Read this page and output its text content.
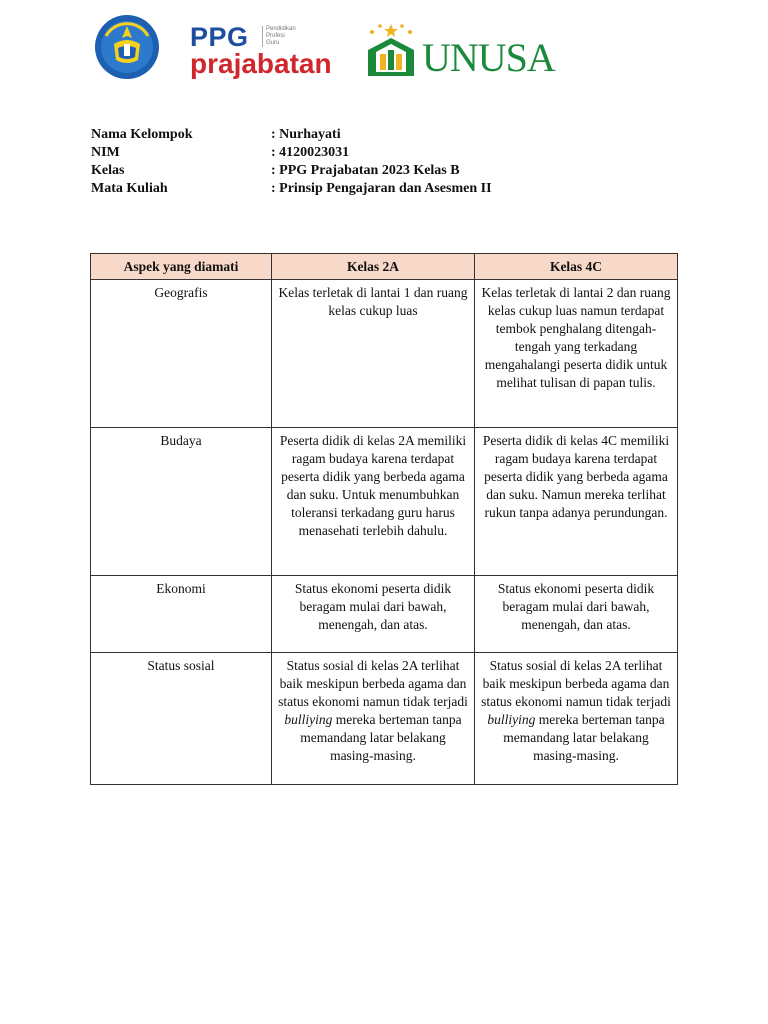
PPG	Pendidikan
Profesi
Guru
prajabatan UNUSA
Nama Kelompok	: Nurhayati
NIM	: 4120023031
Kelas	: PPG Prajabatan 2023 Kelas B
Mata Kuliah	: Prinsip Pengajaran dan Asesmen II
Aspek yang diamati	Kelas 2A	Kelas 4C
Geografis	Kelas terletak di lantai 1 dan ruang kelas cukup luas	Kelas terletak di lantai 2 dan ruang kelas cukup luas namun terdapat tembok penghalang ditengah-tengah yang terkadang mengahalangi peserta didik untuk melihat tulisan di papan tulis.
Budaya	Peserta didik di kelas 2A memiliki ragam budaya karena terdapat peserta didik yang berbeda agama dan suku. Untuk menumbuhkan toleransi terkadang guru harus menasehati terlebih dahulu.	Peserta didik di kelas 4C memiliki ragam budaya karena terdapat peserta didik yang berbeda agama dan suku. Namun mereka terlihat rukun tanpa adanya perundungan.
Ekonomi	Status ekonomi peserta didik beragam mulai dari bawah, menengah, dan atas.	Status ekonomi peserta didik beragam mulai dari bawah, menengah, dan atas.
Status sosial	Status sosial di kelas 2A terlihat baik meskipun berbeda agama dan status ekonomi namun tidak terjadi bulliying mereka berteman tanpa memandang latar belakang masing-masing.	Status sosial di kelas 2A terlihat baik meskipun berbeda agama dan status ekonomi namun tidak terjadi bulliying mereka berteman tanpa memandang latar belakang masing-masing.
